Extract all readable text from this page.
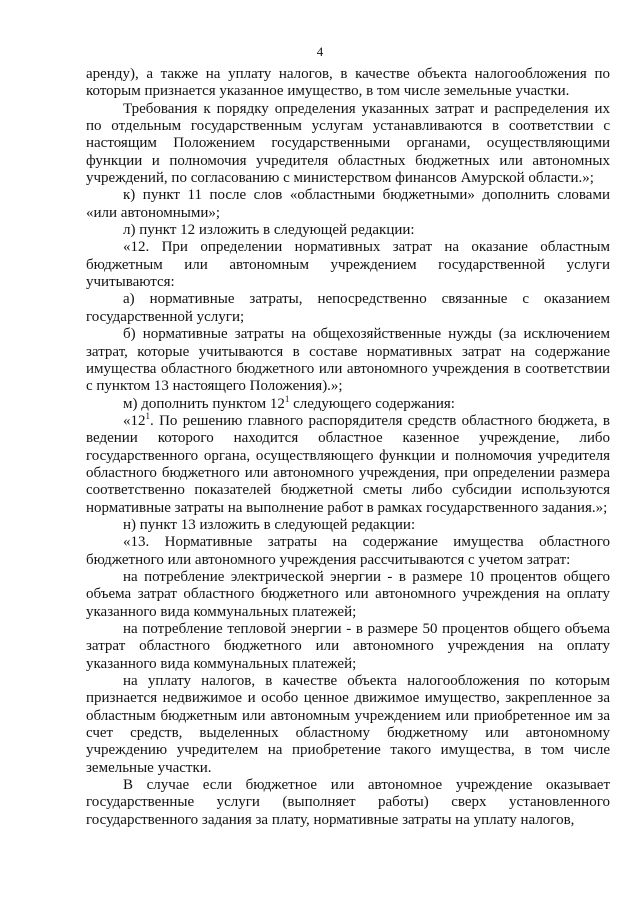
4

аренду), а также на уплату налогов, в качестве объекта налогообложения по которым признается указанное имущество, в том числе земельные участки.

Требования к порядку определения указанных затрат и распределения их по отдельным государственным услугам устанавливаются в соответствии с настоящим Положением государственными органами, осуществляющими функции и полномочия учредителя областных бюджетных или автономных учреждений, по согласованию с министерством финансов Амурской области.»;

к) пункт 11 после слов «областными бюджетными» дополнить словами «или автономными»;

л) пункт 12 изложить в следующей редакции:

«12. При определении нормативных затрат на оказание областным бюджетным или автономным учреждением государственной услуги учитываются:

а) нормативные затраты, непосредственно связанные с оказанием государственной услуги;

б) нормативные затраты на общехозяйственные нужды (за исключением затрат, которые учитываются в составе нормативных затрат на содержание имущества областного бюджетного или автономного учреждения в соответствии с пунктом 13 настоящего Положения).»;

м) дополнить пунктом $12^1$ следующего содержания:

«$12^1$. По решению главного распорядителя средств областного бюджета, в ведении которого находится областное казенное учреждение, либо государственного органа, осуществляющего функции и полномочия учредителя областного бюджетного или автономного учреждения, при определении размера соответственно показателей бюджетной сметы либо субсидии используются нормативные затраты на выполнение работ в рамках государственного задания.»;

н) пункт 13 изложить в следующей редакции:

«13. Нормативные затраты на содержание имущества областного бюджетного или автономного учреждения рассчитываются с учетом затрат:

на потребление электрической энергии - в размере 10 процентов общего объема затрат областного бюджетного или автономного учреждения на оплату указанного вида коммунальных платежей;

на потребление тепловой энергии - в размере 50 процентов общего объема затрат областного бюджетного или автономного учреждения на оплату указанного вида коммунальных платежей;

на уплату налогов, в качестве объекта налогообложения по которым признается недвижимое и особо ценное движимое имущество, закрепленное за областным бюджетным или автономным учреждением или приобретенное им за счет средств, выделенных областному бюджетному или автономному учреждению учредителем на приобретение такого имущества, в том числе земельные участки.

В случае если бюджетное или автономное учреждение оказывает государственные услуги (выполняет работы) сверх установленного государственного задания за плату, нормативные затраты на уплату налогов,
